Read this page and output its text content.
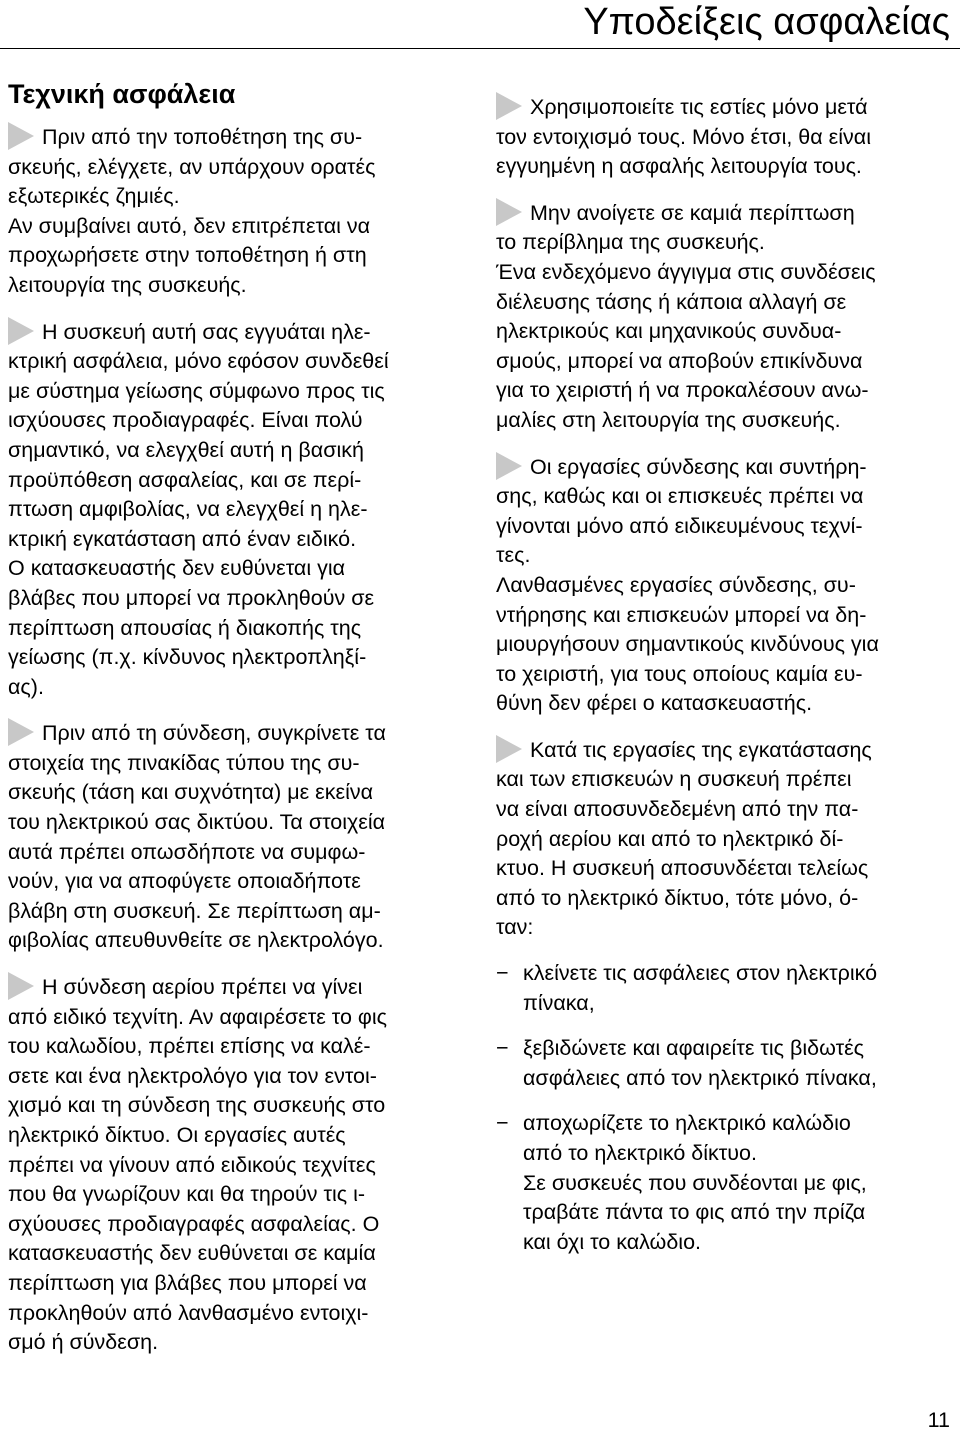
Υποδείξεις ασφαλείας
Τεχνική ασφάλεια
Πριν από την τοποθέτηση της συ-
σκευής, ελέγχετε, αν υπάρχουν ορατές
εξωτερικές ζημιές.
Αν συμβαίνει αυτό, δεν επιτρέπεται να
προχωρήσετε στην τοποθέτηση ή στη
λειτουργία της συσκευής.
Η συσκευή αυτή σας εγγυάται ηλε-
κτρική ασφάλεια, μόνο εφόσον συνδεθεί
με σύστημα γείωσης σύμφωνο προς τις
ισχύουσες προδιαγραφές. Είναι πολύ
σημαντικό, να ελεγχθεί αυτή η βασική
προϋπόθεση ασφαλείας, και σε περί-
πτωση αμφιβολίας, να ελεγχθεί η ηλε-
κτρική εγκατάσταση από έναν ειδικό.
Ο κατασκευαστής δεν ευθύνεται για
βλάβες που μπορεί να προκληθούν σε
περίπτωση απουσίας ή διακοπής της
γείωσης (π.χ. κίνδυνος ηλεκτροπληξί-
ας).
Πριν από τη σύνδεση, συγκρίνετε τα
στοιχεία της πινακίδας τύπου της συ-
σκευής (τάση και συχνότητα) με εκείνα
του ηλεκτρικού σας δικτύου. Τα στοιχεία
αυτά πρέπει οπωσδήποτε να συμφω-
νούν, για να αποφύγετε οποιαδήποτε
βλάβη στη συσκευή. Σε περίπτωση αμ-
φιβολίας απευθυνθείτε σε ηλεκτρολόγο.
Η σύνδεση αερίου πρέπει να γίνει
από ειδικό τεχνίτη. Αν αφαιρέσετε το φις
του καλωδίου, πρέπει επίσης να καλέ-
σετε και ένα ηλεκτρολόγο για τον εντοι-
χισμό και τη σύνδεση της συσκευής στο
ηλεκτρικό δίκτυο. Οι εργασίες αυτές
πρέπει να γίνουν από ειδικούς τεχνίτες
που θα γνωρίζουν και θα τηρούν τις ι-
σχύουσες προδιαγραφές ασφαλείας. Ο
κατασκευαστής δεν ευθύνεται σε καμία
περίπτωση για βλάβες που μπορεί να
προκληθούν από λανθασμένο εντοιχι-
σμό ή σύνδεση.
Χρησιμοποιείτε τις εστίες μόνο μετά
τον εντοιχισμό τους. Μόνο έτσι, θα είναι
εγγυημένη η ασφαλής λειτουργία τους.
Μην ανοίγετε σε καμιά περίπτωση
το περίβλημα της συσκευής.
Ένα ενδεχόμενο άγγιγμα στις συνδέσεις
διέλευσης τάσης ή κάποια αλλαγή σε
ηλεκτρικούς και μηχανικούς συνδυα-
σμούς, μπορεί να αποβούν επικίνδυνα
για το χειριστή ή να προκαλέσουν ανω-
μαλίες στη λειτουργία της συσκευής.
Οι εργασίες σύνδεσης και συντήρη-
σης, καθώς και οι επισκευές πρέπει να
γίνονται μόνο από ειδικευμένους τεχνί-
τες.
Λανθασμένες εργασίες σύνδεσης, συ-
ντήρησης και επισκευών μπορεί να δη-
μιουργήσουν σημαντικούς κινδύνους για
το χειριστή, για τους οποίους καμία ευ-
θύνη δεν φέρει ο κατασκευαστής.
Κατά τις εργασίες της εγκατάστασης
και των επισκευών η συσκευή πρέπει
να είναι αποσυνδεδεμένη από την πα-
ροχή αερίου και από το ηλεκτρικό δί-
κτυο. Η συσκευή αποσυνδέεται τελείως
από το ηλεκτρικό δίκτυο, τότε μόνο, ό-
ταν:
− κλείνετε τις ασφάλειες στον ηλεκτρικό
πίνακα,
− ξεβιδώνετε και αφαιρείτε τις βιδωτές
ασφάλειες από τον ηλεκτρικό πίνακα,
− αποχωρίζετε το ηλεκτρικό καλώδιο
από το ηλεκτρικό δίκτυο.
Σε συσκευές που συνδέονται με φις,
τραβάτε πάντα το φις από την πρίζα
και όχι το καλώδιο.
11
